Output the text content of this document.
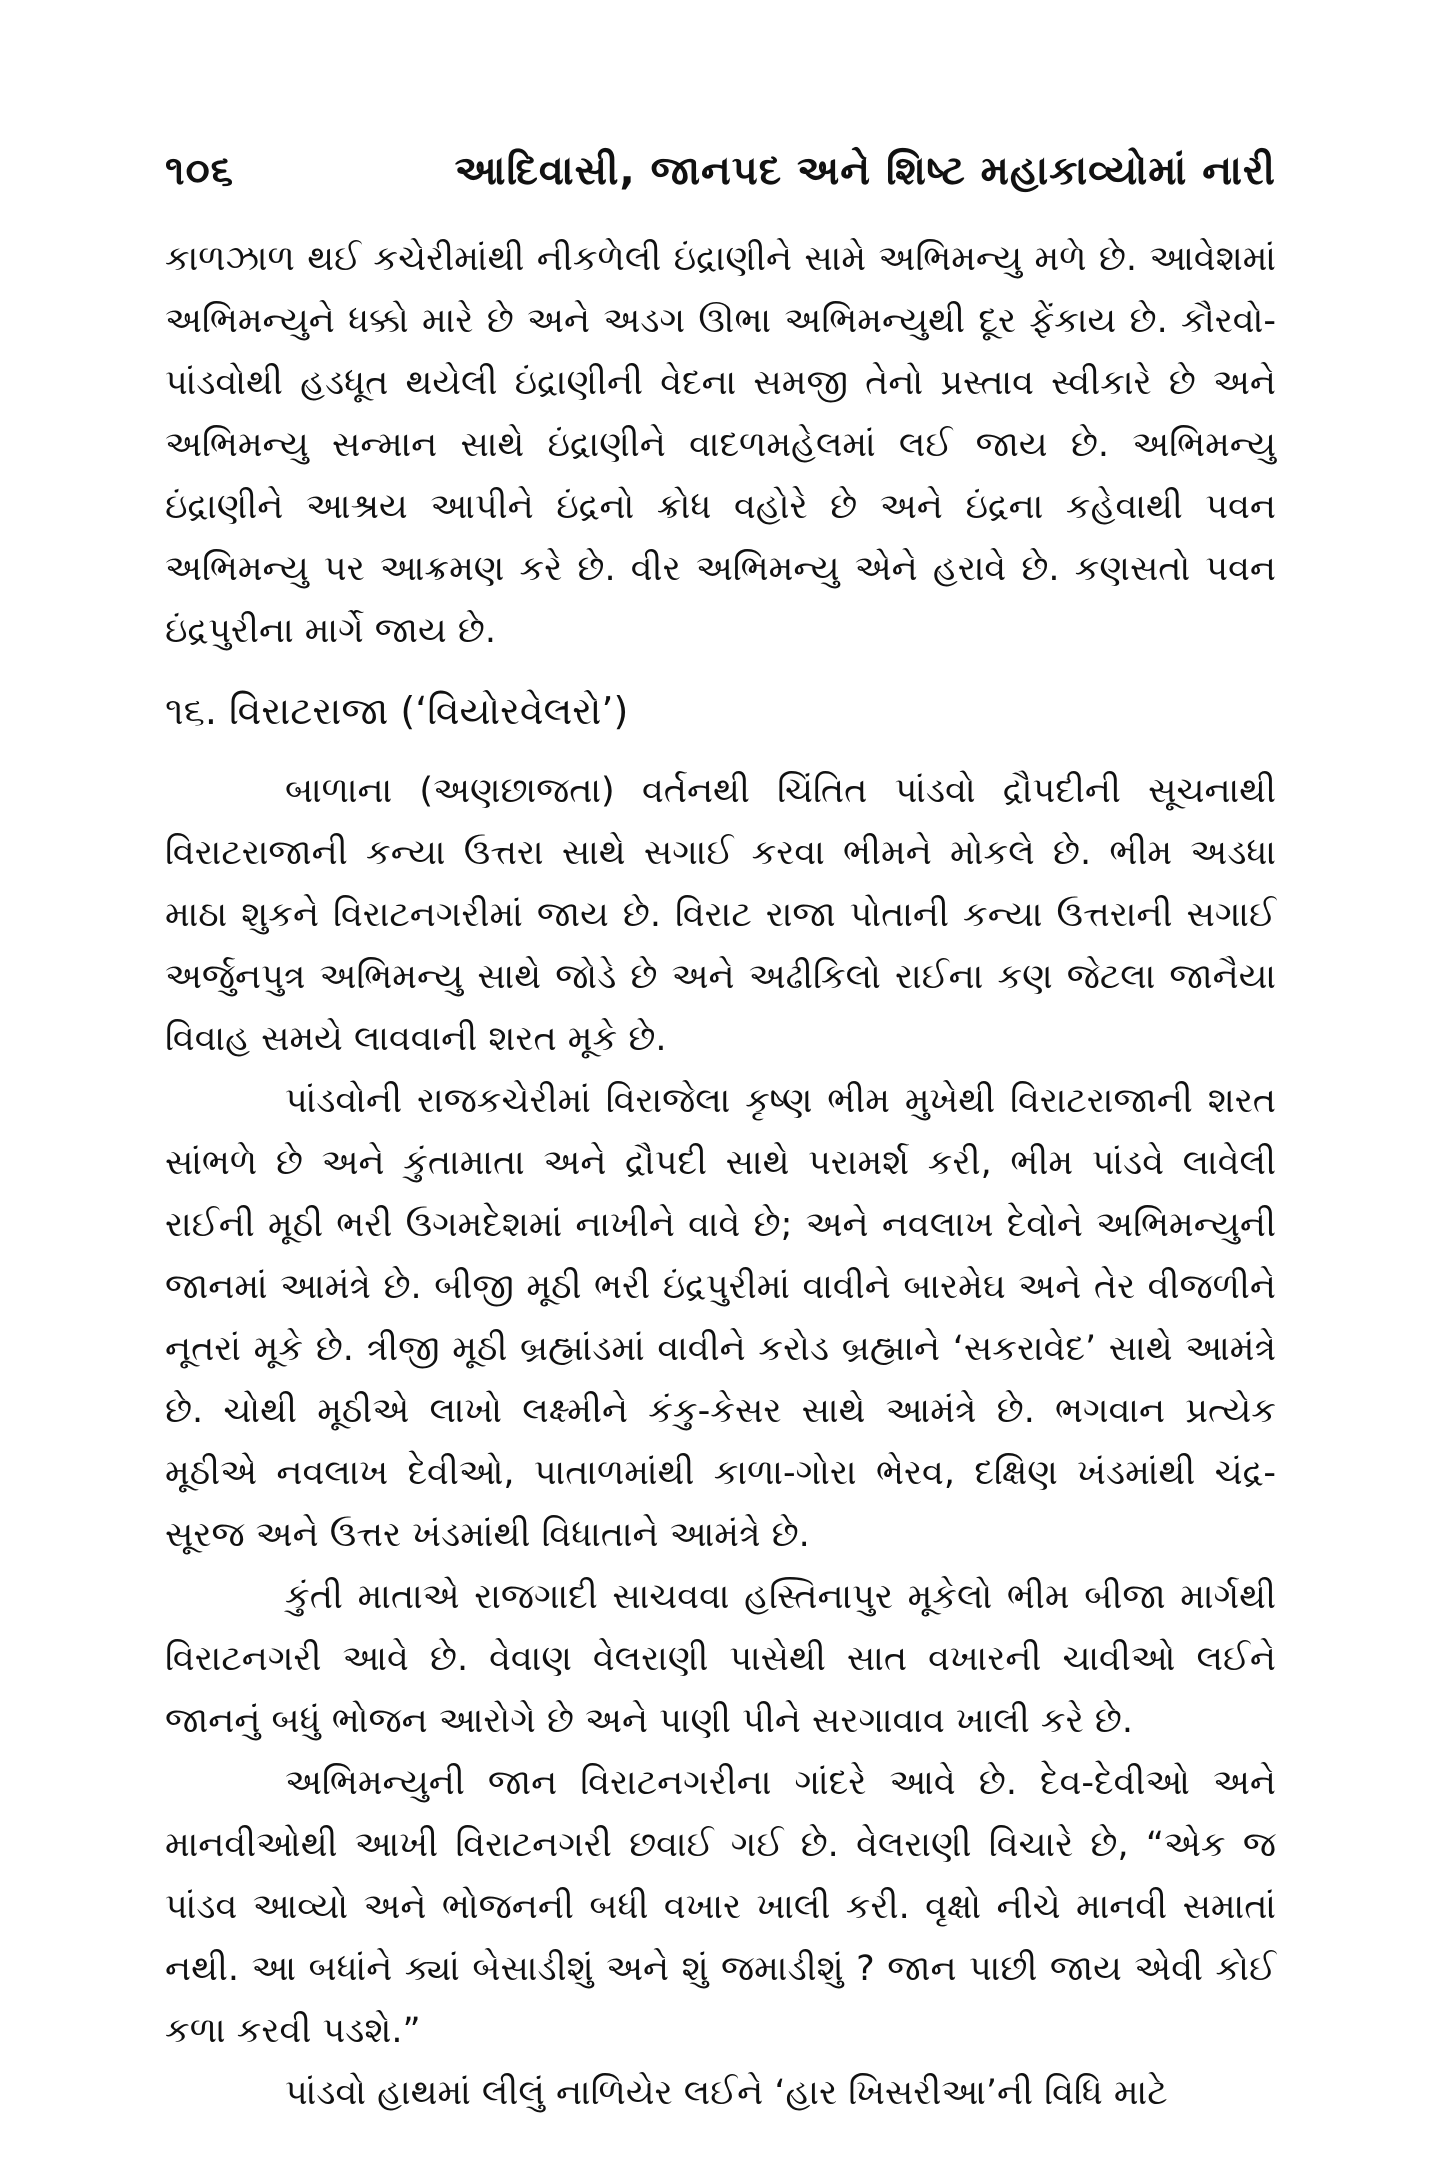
૧૦૬	આદિવાસી, જાનપદ અને શિષ્ટ મહાકાવ્યોમાં નારી

કાળઝાળ થઈ કચેરીમાંથી નીકળેલી ઇંદ્રાણીને સામે અભિમન્યુ મળે છે. આવેશમાં અભિમન્યુને ધક્કો મારે છે અને અડગ ઊભા અભિમન્યુથી દૂર ફેંકાય છે. કૌરવો-પાંડવોથી હડધૂત થયેલી ઇંદ્રાણીની વેદના સમજી તેનો પ્રસ્તાવ સ્વીકારે છે અને અભિમન્યુ સન્માન સાથે ઇંદ્રાણીને વાદળમહેલમાં લઈ જાય છે. અભિમન્યુ ઇંદ્રાણીને આશ્રય આપીને ઇંદ્રનો ક્રોધ વહોરે છે અને ઇંદ્રના કહેવાથી પવન અભિમન્યુ પર આક્રમણ કરે છે. વીર અભિમન્યુ એને હરાવે છે. કણસતો પવન ઇંદ્રપુરીના માર્ગે જાય છે.

૧૬. વિરાટરાજા (‘વિયોરવેલરો’)

બાળાના (અણછાજતા) વર્તનથી ચિંતિત પાંડવો દ્રૌપદીની સૂચનાથી વિરાટરાજાની કન્યા ઉત્તરા સાથે સગાઈ કરવા ભીમને મોકલે છે. ભીમ અડધા માઠા શુકને વિરાટનગરીમાં જાય છે. વિરાટ રાજા પોતાની કન્યા ઉત્તરાની સગાઈ અર્જુનપુત્ર અભિમન્યુ સાથે જોડે છે અને અઢીકિલો રાઈના કણ જેટલા જાનૈયા વિવાહ સમયે લાવવાની શરત મૂકે છે.

પાંડવોની રાજકચેરીમાં વિરાજેલા કૃષ્ણ ભીમ મુખેથી વિરાટરાજાની શરત સાંભળે છે અને કુંતામાતા અને દ્રૌપદી સાથે પરામર્શ કરી, ભીમ પાંડવે લાવેલી રાઈની મૂઠી ભરી ઉગમદેશમાં નાખીને વાવે છે; અને નવલાખ દેવોને અભિમન્યુની જાનમાં આમંત્રે છે. બીજી મૂઠી ભરી ઇંદ્રપુરીમાં વાવીને બારમેઘ અને તેર વીજળીને નૂતરાં મૂકે છે. ત્રીજી મૂઠી બ્રહ્માંડમાં વાવીને કરોડ બ્રહ્માને ‘સકરાવેદ’ સાથે આમંત્રે છે. ચોથી મૂઠીએ લાખો લક્ષ્મીને કંકુ-કેસર સાથે આમંત્રે છે. ભગવાન પ્રત્યેક મૂઠીએ નવલાખ દેવીઓ, પાતાળમાંથી કાળા-ગોરા ભેરવ, દક્ષિણ ખંડમાંથી ચંદ્ર-સૂરજ અને ઉત્તર ખંડમાંથી વિધાતાને આમંત્રે છે.

કુંતી માતાએ રાજગાદી સાચવવા હસ્તિનાપુર મૂકેલો ભીમ બીજા માર્ગથી વિરાટનગરી આવે છે. વેવાણ વેલરાણી પાસેથી સાત વખારની ચાવીઓ લઈને જાનનું બધું ભોજન આરોગે છે અને પાણી પીને સરગાવાવ ખાલી કરે છે.

અભિમન્યુની જાન વિરાટનગરીના ગાંદરે આવે છે. દેવ-દેવીઓ અને માનવીઓથી આખી વિરાટનગરી છવાઈ ગઈ છે. વેલરાણી વિચારે છે, “એક જ પાંડવ આવ્યો અને ભોજનની બધી વખાર ખાલી કરી. વૃક્ષો નીચે માનવી સમાતાં નથી. આ બધાંને ક્યાં બેસાડીશું અને શું જમાડીશું ? જાન પાછી જાય એવી કોઈ કળા કરવી પડશે.”

પાંડવો હાથમાં લીલું નાળિયેર લઈને ‘હાર ખિસરીઆ’ની વિધિ માટે
